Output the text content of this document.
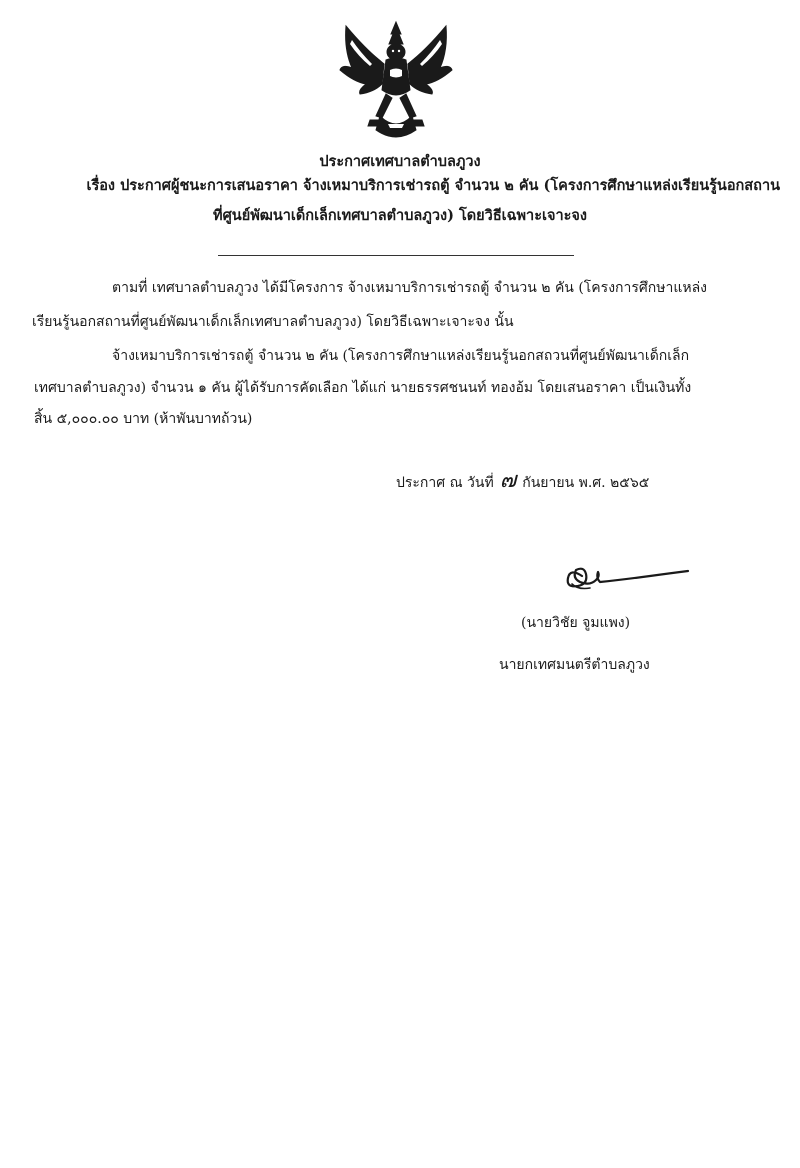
ประกาศเทศบาลตำบลภูวง
เรื่อง ประกาศผู้ชนะการเสนอราคา จ้างเหมาบริการเช่ารถตู้ จำนวน ๒ คัน (โครงการศึกษาแหล่งเรียนรู้นอกสถาน
ที่ศูนย์พัฒนาเด็กเล็กเทศบาลตำบลภูวง) โดยวิธีเฉพาะเจาะจง
ตามที่ เทศบาลตำบลภูวง ได้มีโครงการ จ้างเหมาบริการเช่ารถตู้ จำนวน ๒ คัน (โครงการศึกษาแหล่ง
เรียนรู้นอกสถานที่ศูนย์พัฒนาเด็กเล็กเทศบาลตำบลภูวง) โดยวิธีเฉพาะเจาะจง นั้น
จ้างเหมาบริการเช่ารถตู้ จำนวน ๒ คัน (โครงการศึกษาแหล่งเรียนรู้นอกสถวนที่ศูนย์พัฒนาเด็กเล็ก
เทศบาลตำบลภูวง) จำนวน ๑ คัน ผู้ได้รับการคัดเลือก ได้แก่ นายธรรศชนนท์ ทองอ้ม โดยเสนอราคา เป็นเงินทั้ง
สิ้น ๕,๐๐๐.๐๐ บาท (ห้าพันบาทถ้วน)
ประกาศ ณ วันที่ ๗ กันยายน พ.ศ. ๒๕๖๕
(นายวิชัย จูมแพง)
นายกเทศมนตรีตำบลภูวง
